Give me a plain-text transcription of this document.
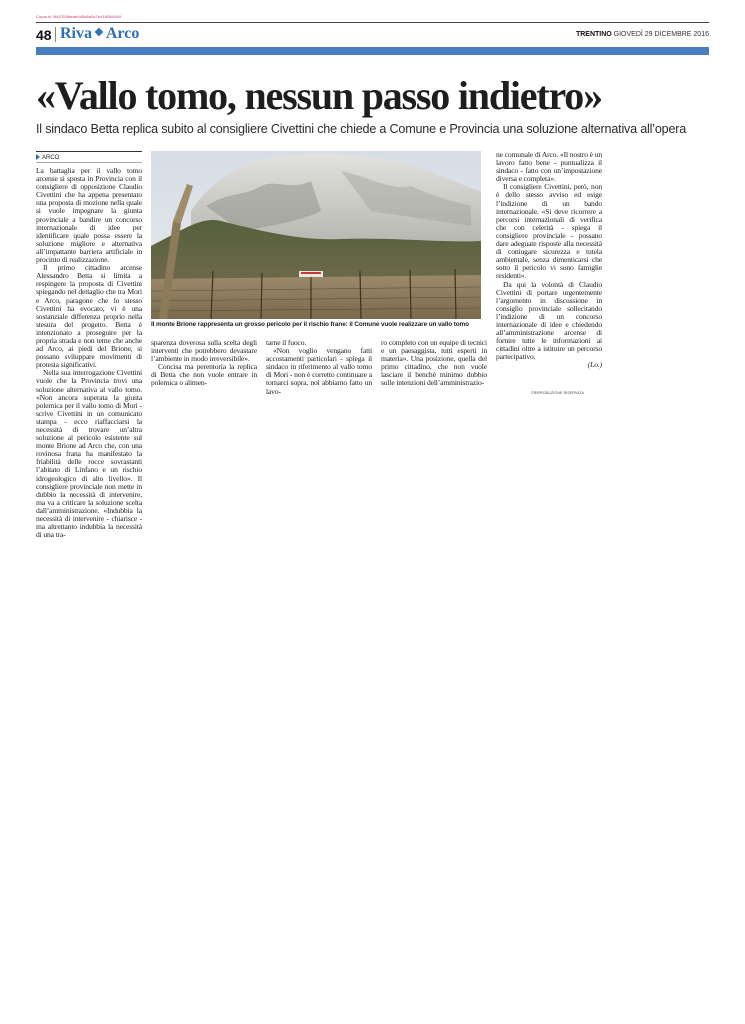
Copia di 4f4f703f6aae9d5a6a5c7e416584069
48 Riva ❖ Arco	TRENTINO GIOVEDÌ 29 DICEMBRE 2016
«Vallo tomo, nessun passo indietro»
Il sindaco Betta replica subito al consigliere Civettini che chiede a Comune e Provincia una soluzione alternativa all’opera
ARCO

La battaglia per il vallo tomo arcense si sposta in Provincia con il consigliere di opposizione Claudio Civettini che ha appena presentato una proposta di mozione nella quale si vuole impegnare la giunta provinciale a bandire un concorso internazionale di idee per identificare quale possa essere la soluzione migliore e alternativa all’impattante barriera artificiale in procinto di realizzazione.

Il primo cittadino arcense Alessandro Betta si limita a respingere la proposta di Civettini spiegando nel dettaglio che tra Mori e Arco, paragone che lo stesso Civettini ha evocato, vi è una sostanziale differenza proprio nella stesura del progetto. Betta è intenzionato a proseguire per la propria strada e non teme che anche ad Arco, ai piedi del Brione, si possano sviluppare movimenti di protesta significativi.

Nella sua interrogazione Civettini vuole che la Provincia trovi una soluzione alternativa al vallo tomo. «Non ancora superata la giusta polemica per il vallo tomo di Mori - scrive Civettini in un comunicato stampa - ecco riaffacciarsi la necessità di trovare un’altra soluzione al pericolo esistente sul monte Brione ad Arco che, con una rovinosa frana ha manifestato la friabilità delle rocce sovrastanti l’abitato di Linfano e un rischio idrogeologico di alto livello». Il consigliere provinciale non mette in dubbio la necessità di intervenire, ma va a criticare la soluzione scelta dall’amministrazione. «Indubbia la necessità di intervenire - chiarisce - ma altrettanto indubbia la necessità di una tra-

Il monte Brione rappresenta un grosso pericolo per il rischio frane: il Comune vuole realizzare un vallo tomo

sparenza doverosa sulla scelta degli interventi che potrebbero devastare l’ambiente in modo irreversibile».

Concisa ma perentoria la replica di Betta che non vuole entrare in polemica o alimen-

tarne il fuoco.

«Non voglio vengano fatti accostamenti particolari - spiega il sindaco in riferimento al vallo tomo di Mori - non è corretto continuare a tornarci sopra, noi abbiamo fatto un lavo-

ro completo con un equipe di tecnici e un paesaggista, tutti esperti in materia». Una posizione, quella del primo cittadino, che non vuole lasciare il benché minimo dubbio sulle intenzioni dell’amministrazio-

ne comunale di Arco. «Il nostro è un lavoro fatto bene - puntualizza il sindaco - fatto con un’impostazione diversa e completa».

Il consigliere Civettini, però, non è dello stesso avviso ed esige l’indizione di un bando internazionale. «Si deve ricorrere a percorsi internazionali di verifica che con celerità - spiega il consigliere provinciale - possano dare adeguate risposte alla necessità di coniugare sicurezza e tutela ambientale, senza dimenticarsi che sotto il pericolo vi sono famiglie residenti».

Da qui la volontà di Claudio Civettini di portare urgentemente l’argomento in discussione in consiglio provinciale sollecitando l’indizione di un concorso internazionale di idee e chiedendo all’amministrazione arcense di fornire tutte le informazioni ai cittadini oltre a istituire un percorso partecipativo.

(Lo.)
©RIPRODUZIONE RISERVATA
